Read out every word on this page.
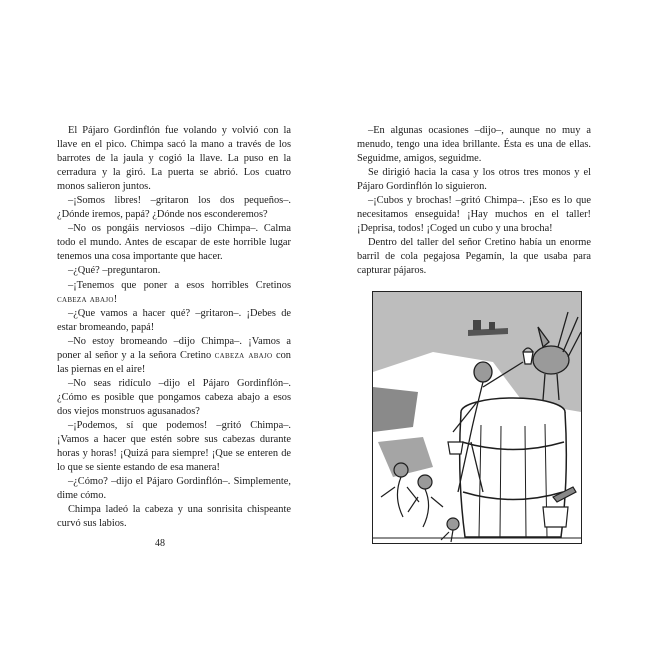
El Pájaro Gordinflón fue volando y volvió con la llave en el pico. Chimpa sacó la mano a través de los barrotes de la jaula y cogió la llave. La puso en la cerradura y la giró. La puerta se abrió. Los cuatro monos salieron juntos.

–¡Somos libres! –gritaron los dos pequeños–. ¿Dónde iremos, papá? ¿Dónde nos esconderemos?

–No os pongáis nerviosos –dijo Chimpa–. Calma todo el mundo. Antes de escapar de este horrible lugar tenemos una cosa importante que hacer.

–¿Qué? –preguntaron.

–¡Tenemos que poner a esos horribles Cretinos cabeza abajo!

–¿Que vamos a hacer qué? –gritaron–. ¡Debes de estar bromeando, papá!

–No estoy bromeando –dijo Chimpa–. ¡Vamos a poner al señor y a la señora Cretino cabeza abajo con las piernas en el aire!

–No seas ridículo –dijo el Pájaro Gordinflón–. ¿Cómo es posible que pongamos cabeza abajo a esos dos viejos monstruos agusanados?

–¡Podemos, sí que podemos! –gritó Chimpa–. ¡Vamos a hacer que estén sobre sus cabezas durante horas y horas! ¡Quizá para siempre! ¡Que se enteren de lo que se siente estando de esa manera!

–¿Cómo? –dijo el Pájaro Gordinflón–. Simplemente, dime cómo.

Chimpa ladeó la cabeza y una sonrisita chispeante curvó sus labios.

48

–En algunas ocasiones –dijo–, aunque no muy a menudo, tengo una idea brillante. Ésta es una de ellas. Seguidme, amigos, seguidme.

Se dirigió hacia la casa y los otros tres monos y el Pájaro Gordinflón lo siguieron.

–¡Cubos y brochas! –gritó Chimpa–. ¡Eso es lo que necesitamos enseguida! ¡Hay muchos en el taller! ¡Deprisa, todos! ¡Coged un cubo y una brocha!

Dentro del taller del señor Cretino había un enorme barril de cola pegajosa Pegamín, la que usaba para capturar pájaros.
